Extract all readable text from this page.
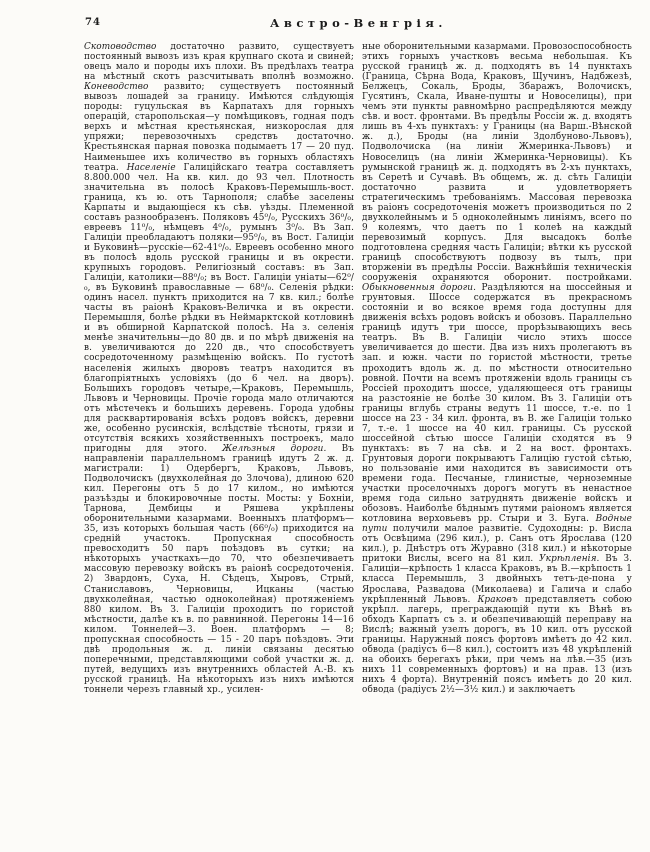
74	Австро-Венгрія.
Скотоводство достаточно развито, существуетъ постоянный вывозъ изъ края крупнаго скота и свиней; овецъ мало и породы ихъ плохи. Въ предѣлахъ театра на мѣстный скотъ разсчитывать вполнѣ возможно. Коневодство развито; существуетъ постоянный вывозъ лошадей за границу. Имѣются слѣдующія породы: гуцульская въ Карпатахъ для горныхъ операцій, старопольская—у помѣщиковъ, годная подъ верхъ и мѣстная крестьянская, низкорослая для упряжи; перевозочныхъ средствъ достаточно. Крестьянская парная повозка подымаетъ 17 — 20 пуд. Наименьшее ихъ количество въ горныхъ областяхъ театра. Населеніе Галиційскаго театра составляетъ 8.800.000 чел. На кв. кил. до 93 чел. Плотность значительна въ полосѣ Краковъ-Перемышль-вост. граница, къ ю. отъ Тарнополя; слабѣе заселены Карпаты и выдающіеся къ сѣв. уѣзды. Племенной составъ разнообразенъ. Поляковъ 45⁰/₀, Русскихъ 36⁰/₀, евреевъ 11⁰/₀, нѣмцевъ 4⁰/₀, румынъ 3⁰/₀. Въ Зап. Галиціи преобладаютъ поляки—95⁰/₀, въ Вост. Галиціи и Буковинѣ—русскіе—62-41⁰/₀. Евреевъ особенно много въ полосѣ вдоль русской границы и въ окрести. крупныхъ городовъ. Религіозный составъ: въ Зап. Галиціи, католики—88⁰/₀; въ Вост. Галиціи уніаты—62⁰/₀, въ Буковинѣ православные — 68⁰/₀. Селенія рѣдки: одинъ насел. пунктъ приходится на 7 кв. кил.; болѣе часты въ раіонѣ Краковъ-Величка и въ окрести. Перемышля, болѣе рѣдки въ Неймарктской котловинѣ и въ обширной Карпатской полосѣ. На з. селенія менѣе значительны—до 80 дв. и по мѣрѣ движенія на в. увеличиваются до 220 дв., что способствуетъ сосредоточенному размѣщенію войскъ. По густотѣ населенія жилыхъ дворовъ театръ находится въ благопріятныхъ условіяхъ (до 6 чел. на дворъ). Большихъ городовъ четыре,—Краковъ, Перемышль, Львовъ и Черновицы. Прочіе города мало отличаются отъ мѣстечекъ и большихъ деревень. Города удобны для расквартированія всѣхъ родовъ войскъ, деревни же, особенно русинскія, вслѣдствіе тѣсноты, грязи и отсутствія всякихъ хозяйственныхъ построекъ, мало пригодны для этого. Желѣзныя дороги. Въ направленіи параллельномъ границѣ идутъ 2 ж. д. магистрали: 1) Одербергъ, Краковъ, Львовъ, Подволочискъ (двухколейная до Злочова), длиною 620 кил. Перегоны отъ 5 до 17 килом., но имѣются разъѣзды и блокировочные посты. Мосты: у Бохніи, Тарнова, Дембицы и Ряшева укрѣплены оборонительными казармами. Военныхъ платформъ—35, изъ которыхъ большая часть (66⁰/₀) приходится на средній участокъ. Пропускная способность превосходитъ 50 паръ поѣздовъ въ сутки; на нѣкоторыхъ участкахъ—до 70, что обезпечиваетъ массовую перевозку войскъ въ раіонѣ сосредоточенія. 2) Звардонъ, Суха, Н. Сѣдецъ, Хыровъ, Стрый, Станиславовъ, Черновицы, Ицканы (частью двухколейная, частью одноколейная) протяженіемъ 880 килом. Въ З. Галиціи проходитъ по гористой мѣстности, далѣе къ в. по равнинной. Перегоны 14—16 килом. Тоннелей—3. Воен. платформъ — 8; пропускная способность — 15 - 20 паръ поѣздовъ. Эти двѣ продольныя ж. д. линіи связаны десятью поперечными, представляющими собой участки ж. д. путей, ведущихъ изъ внутреннихъ областей А.-В. къ русской границѣ. На нѣкоторыхъ изъ нихъ имѣются тоннели черезъ главный хр., усилен-
ные оборонительными казармами. Провозоспособность этихъ горныхъ участковъ весьма небольшая. Къ русской границѣ ж. д. подходятъ въ 14 пунктахъ (Граница, Сѣрна Вода, Краковъ, Щучинъ, Надбжезѣ, Белжецъ, Сокаль, Броды, Збаражъ, Волочискъ, Гусятинъ, Скала, Иване-пушты и Новоселицы), при чемъ эти пункты равномѣрно распредѣляются между сѣв. и вост. фронтами. Въ предѣлы Россіи ж. д. входятъ лишь въ 4-хъ пунктахъ: у Границы (на Варш.-Вѣнской ж. д.), Броды (на линіи Здолбуново-Львовъ), Подволочиска (на линіи Жмеринка-Львовъ) и Новоселицъ (на линіи Жмеринка-Черновицы). Къ румынской границѣ ж. д. подходятъ въ 2-хъ пунктахъ, въ Серетѣ и Сучавѣ. Въ общемъ, ж. д. сѣть Галиціи достаточно развита и удовлетворяетъ стратегическимъ требованіямъ. Массовая перевозка въ раіонъ сосредоточенія можетъ производиться по 2 двухколейнымъ и 5 одноколейнымъ линіямъ, всего по 9 колеямъ, что даетъ по 1 колеѣ на каждый перевозимый корпусъ. Для высадокъ болѣе подготовлена средняя часть Галиціи; вѣтки къ русской границѣ способствуютъ подвозу въ тылъ, при вторженіи въ предѣлы Россіи. Важнѣйшія техническія сооруженія охраняются оборонит. постройками. Обыкновенныя дороги. Раздѣляются на шоссейныя и грунтовыя. Шоссе содержатся въ прекрасномъ состояніи и во всякое время года доступны для движенія всѣхъ родовъ войскъ и обозовъ. Параллельно границѣ идутъ три шоссе, прорѣзывающихъ весь театръ. Въ В. Галиціи число этихъ шоссе увеличивается до шести. Два изъ нихъ пролегаютъ въ зап. и южн. части по гористой мѣстности, третье проходитъ вдоль ж. д. по мѣстности относительно ровной. Почти на всемъ протяженіи вдоль границы съ Россіей проходитъ шоссе, удаляющееся отъ границы на разстояніе не болѣе 30 килом. Въ З. Галиціи отъ границы вглубь страны ведутъ 11 шоссе, т.-е. по 1 шоссе на 23 - 34 кил. фронта, въ В. же Галиціи только 7, т.-е. 1 шоссе на 40 кил. границы. Съ русской шоссейной сѣтью шоссе Галиціи сходятся въ 9 пунктахъ: въ 7 на сѣв. и 2 на вост. фронтахъ. Грунтовыя дороги покрываютъ Галицію густой сѣтью, но пользованіе ими находится въ зависимости отъ времени года. Песчаные, глинистые, черноземные участки проселочныхъ дорогъ могутъ въ ненастное время года сильно затруднять движеніе войскъ и обозовъ. Наиболѣе бѣднымъ путями раіономъ является котловина верховьевъ рр. Стыри и З. Буга. Водные пути получили малое развитіе. Судоходны: р. Висла отъ Освѣцима (296 кил.), р. Санъ отъ Ярослава (120 кил.), р. Днѣстръ отъ Журавно (318 кил.) и нѣкоторые притоки Вислы, всего на 81 кил. Укрѣпленія. Въ З. Галиціи—крѣпость 1 класса Краковъ, въ В.—крѣпость 1 класса Перемышль, 3 двойныхъ тетъ-де-пона у Ярослава, Развадова (Миколаева) и Галича и слабо укрѣпленный Львовъ. Краковъ представляетъ собою укрѣпл. лагерь, преграждающій пути къ Вѣнѣ въ обходъ Карпатъ съ з. и обезпечивающій переправу на Вислѣ; важный узелъ дорогъ, въ 10 кил. отъ русской границы. Наружный поясъ фортовъ имѣетъ до 42 кил. обвода (радіусъ 6—8 кил.), состоитъ изъ 48 укрѣпленій на обоихъ берегахъ рѣки, при чемъ на лѣв.—35 (изъ нихъ 11 современныхъ фортовъ) и на прав. 13 (изъ нихъ 4 форта). Внутренній поясъ имѣетъ до 20 кил. обвода (радіусъ 2½—3½ кил.) и заключаетъ
